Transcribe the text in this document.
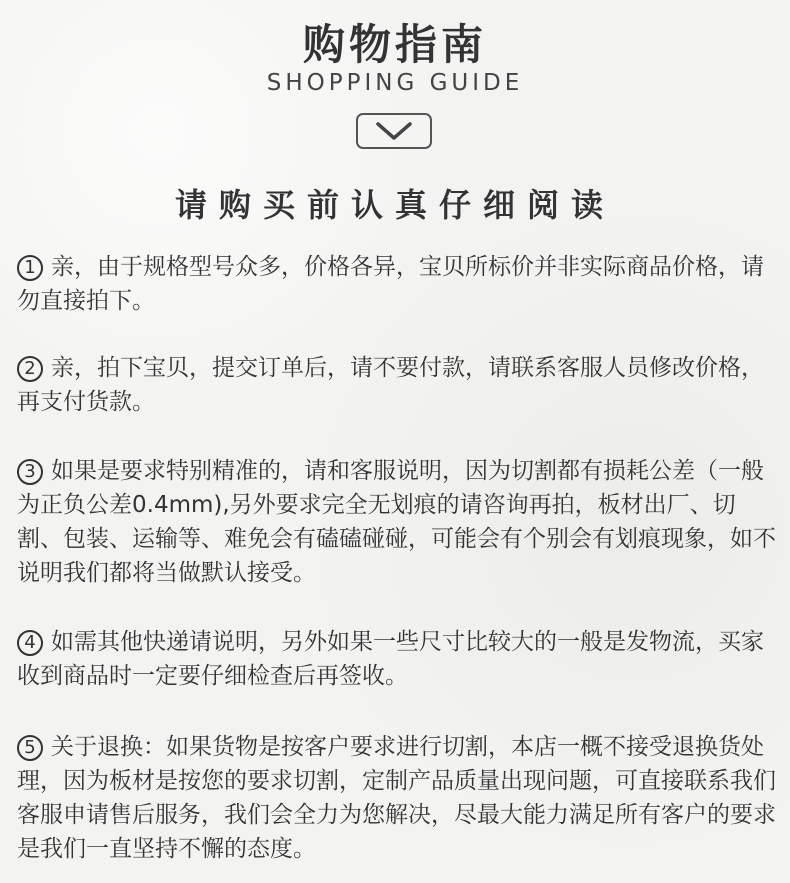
购物指南
SHOPPING GUIDE
请购买前认真仔细阅读

1 亲，由于规格型号众多，价格各异，宝贝所标价并非实际商品价格，请勿直接拍下。

2 亲，拍下宝贝，提交订单后，请不要付款，请联系客服人员修改价格，再支付货款。

3 如果是要求特别精准的，请和客服说明，因为切割都有损耗公差（一般为正负公差0.4mm),另外要求完全无划痕的请咨询再拍，板材出厂、切割、包装、运输等、难免会有磕磕碰碰，可能会有个别会有划痕现象，如不说明我们都将当做默认接受。

4 如需其他快递请说明，另外如果一些尺寸比较大的一般是发物流，买家收到商品时一定要仔细检查后再签收。

5 关于退换：如果货物是按客户要求进行切割，本店一概不接受退换货处理，因为板材是按您的要求切割，定制产品质量出现问题，可直接联系我们客服申请售后服务，我们会全力为您解决，尽最大能力满足所有客户的要求是我们一直坚持不懈的态度。
